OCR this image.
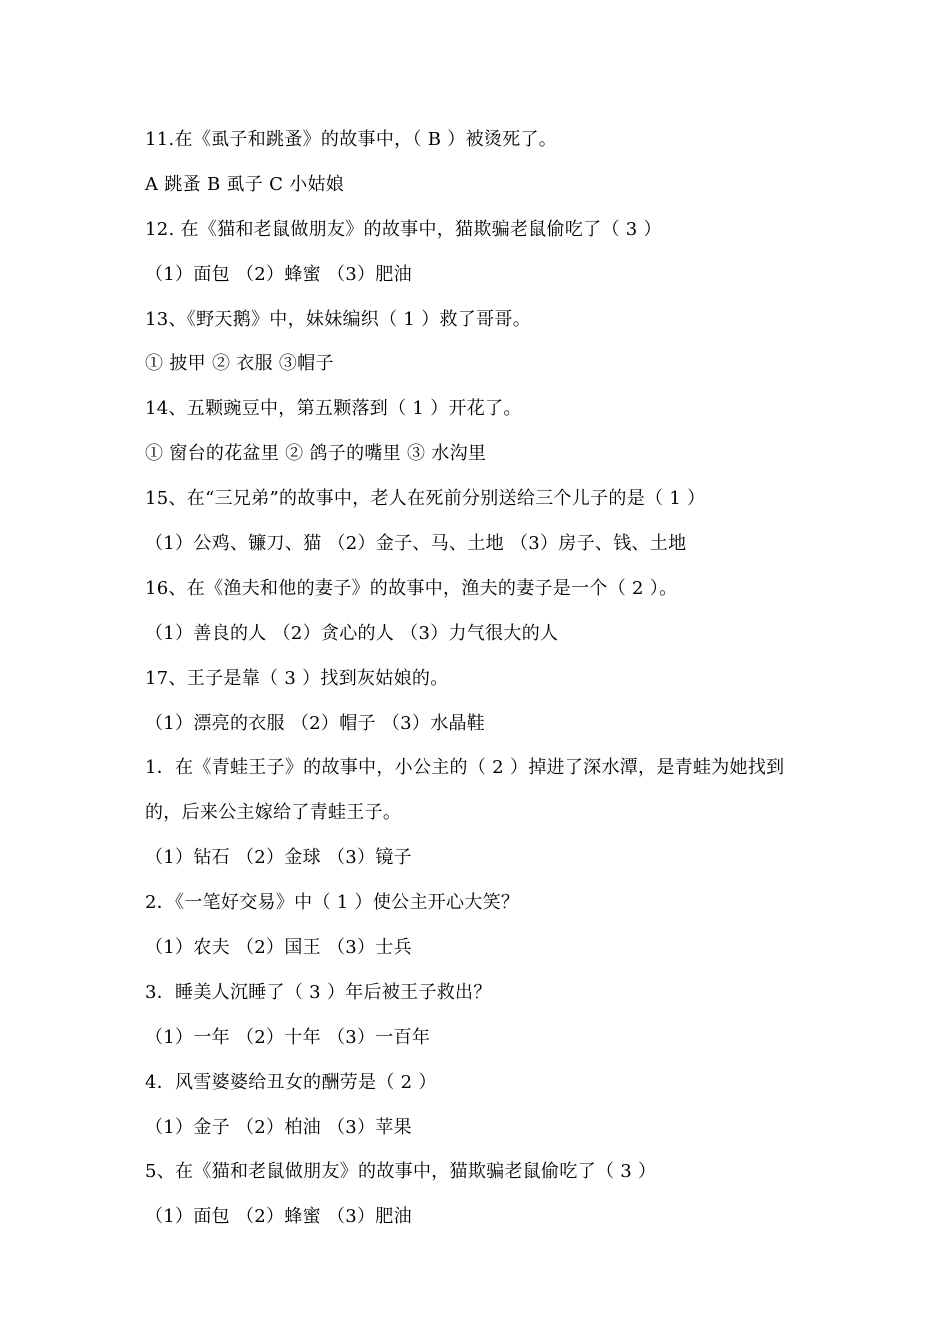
11.在《虱子和跳蚤》的故事中，（ B ）被烫死了。
A 跳蚤 B 虱子 C 小姑娘
12. 在《猫和老鼠做朋友》的故事中，猫欺骗老鼠偷吃了（ 3 ）
（1）面包 （2）蜂蜜 （3）肥油
13、《野天鹅》中，妹妹编织（ 1 ）救了哥哥。
① 披甲 ② 衣服 ③帽子
14、五颗豌豆中，第五颗落到（ 1 ）开花了。
① 窗台的花盆里 ② 鸽子的嘴里 ③ 水沟里
15、在“三兄弟”的故事中，老人在死前分别送给三个儿子的是（ 1 ）
（1）公鸡、镰刀、猫 （2）金子、马、土地 （3）房子、钱、土地
16、在《渔夫和他的妻子》的故事中，渔夫的妻子是一个（ 2 ）。
（1）善良的人 （2）贪心的人 （3）力气很大的人
17、王子是靠（ 3 ）找到灰姑娘的。
（1）漂亮的衣服 （2）帽子 （3）水晶鞋
1．在《青蛙王子》的故事中，小公主的（ 2 ）掉进了深水潭，是青蛙为她找到
的，后来公主嫁给了青蛙王子。
（1）钻石 （2）金球 （3）镜子
2．《一笔好交易》中（ 1 ）使公主开心大笑？
（1）农夫 （2）国王 （3）士兵
3．睡美人沉睡了（ 3 ）年后被王子救出？
（1）一年 （2）十年 （3）一百年
4．风雪婆婆给丑女的酬劳是（ 2 ）
（1）金子 （2）柏油 （3）苹果
5、在《猫和老鼠做朋友》的故事中，猫欺骗老鼠偷吃了（ 3 ）
（1）面包 （2）蜂蜜 （3）肥油
